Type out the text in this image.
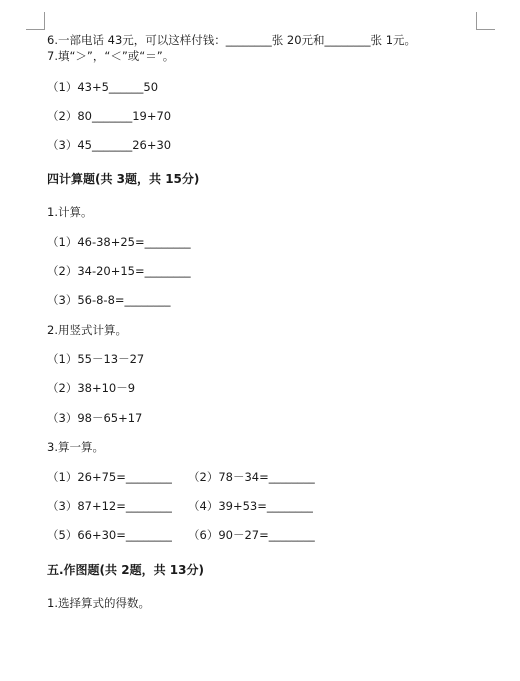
6.一部电话 43元，可以这样付钱：________张 20元和________张 1元。
7.填“＞”，“＜”或“＝”。
（1）43+5______50
（2）80_______19+70
（3）45_______26+30
四计算题(共 3题，共 15分)
1.计算。
（1）46-38+25=________
（2）34-20+15=________
（3）56-8-8=________
2.用竖式计算。
（1）55－13－27
（2）38+10－9
（3）98－65+17
3.算一算。
（1）26+75=________ （2）78－34=________
（3）87+12=________ （4）39+53=________
（5）66+30=________ （6）90－27=________
五.作图题(共 2题，共 13分)
1.选择算式的得数。
